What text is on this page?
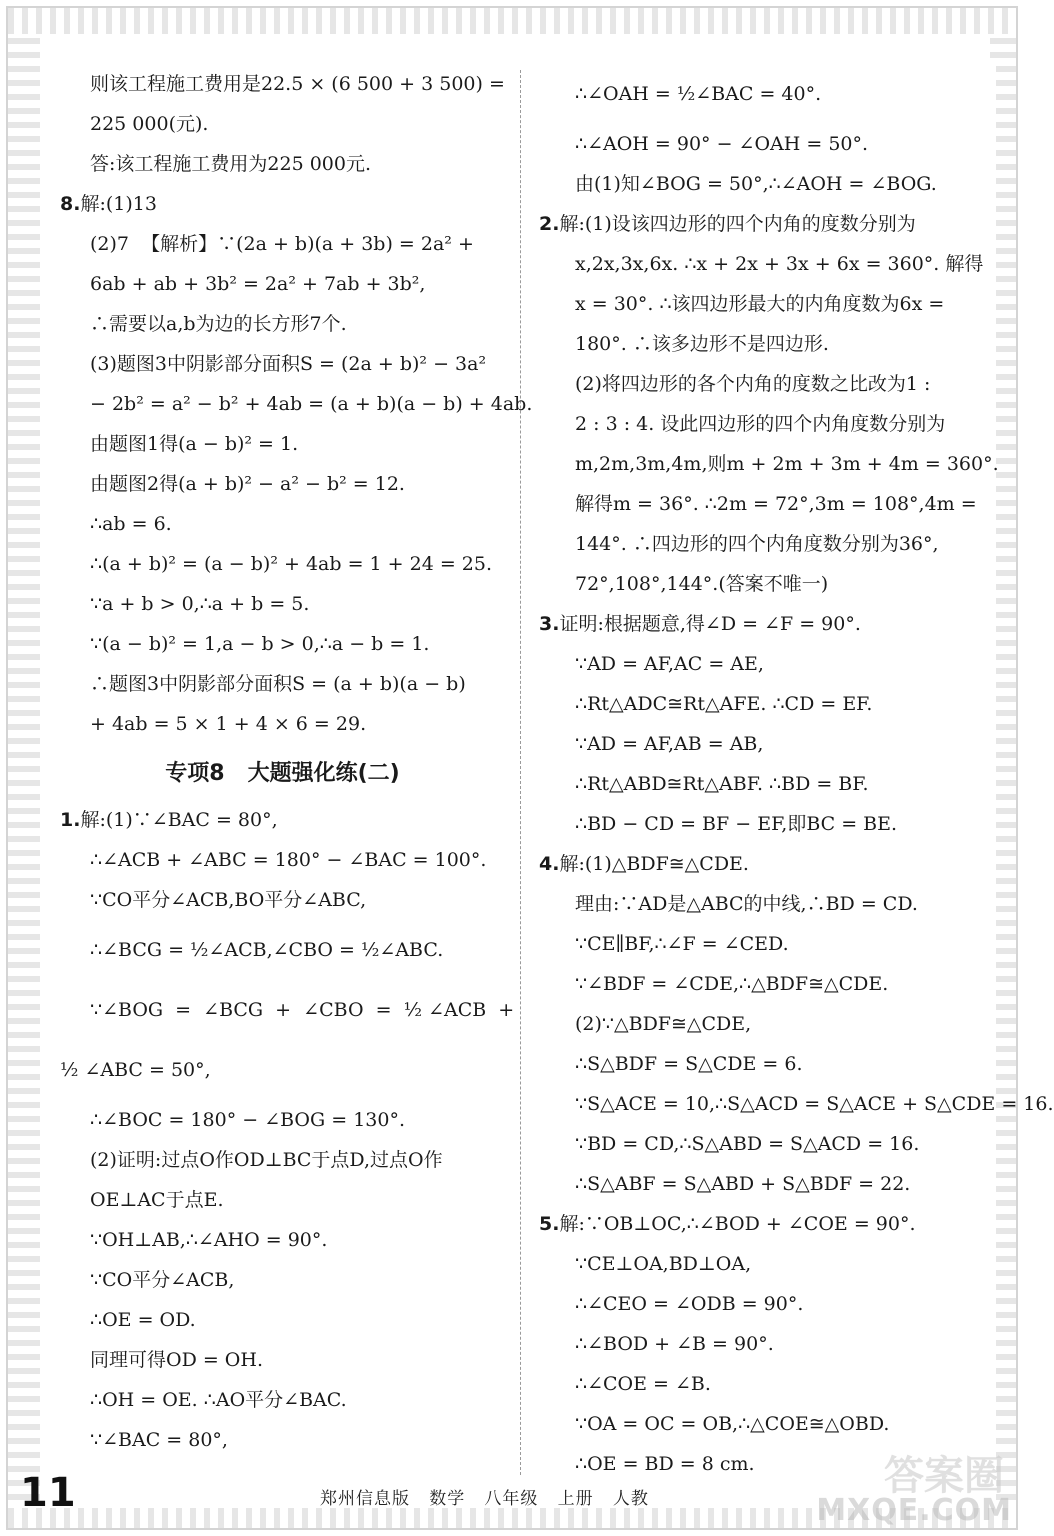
则该工程施工费用是22.5 × (6 500 + 3 500) =
225 000(元).
答:该工程施工费用为225 000元.
8.解:(1)13
(2)7  【解析】∵(2a + b)(a + 3b) = 2a² +
6ab + ab + 3b² = 2a² + 7ab + 3b²,
∴需要以a,b为边的长方形7个.
(3)题图3中阴影部分面积S = (2a + b)² − 3a²
− 2b² = a² − b² + 4ab = (a + b)(a − b) + 4ab.
由题图1得(a − b)² = 1.
由题图2得(a + b)² − a² − b² = 12.
∴ab = 6.
∴(a + b)² = (a − b)² + 4ab = 1 + 24 = 25.
∵a + b > 0,∴a + b = 5.
∵(a − b)² = 1,a − b > 0,∴a − b = 1.
∴题图3中阴影部分面积S = (a + b)(a − b)
+ 4ab = 5 × 1 + 4 × 6 = 29.
专项8   大题强化练(二)
1.解:(1)∵∠BAC = 80°,
∴∠ACB + ∠ABC = 180° − ∠BAC = 100°.
∵CO平分∠ACB,BO平分∠ABC,
∴∠BCG = ½∠ACB,∠CBO = ½∠ABC.
∵∠BOG  =  ∠BCG  +  ∠CBO  =  ½ ∠ACB  +
½ ∠ABC = 50°,
∴∠BOC = 180° − ∠BOG = 130°.
(2)证明:过点O作OD⊥BC于点D,过点O作
OE⊥AC于点E.
∵OH⊥AB,∴∠AHO = 90°.
∵CO平分∠ACB,
∴OE = OD.
同理可得OD = OH.
∴OH = OE. ∴AO平分∠BAC.
∵∠BAC = 80°,
∴∠OAH = ½∠BAC = 40°.
∴∠AOH = 90° − ∠OAH = 50°.
由(1)知∠BOG = 50°,∴∠AOH = ∠BOG.
2.解:(1)设该四边形的四个内角的度数分别为
x,2x,3x,6x. ∴x + 2x + 3x + 6x = 360°. 解得
x = 30°. ∴该四边形最大的内角度数为6x =
180°. ∴该多边形不是四边形.
(2)将四边形的各个内角的度数之比改为1 :
2 : 3 : 4. 设此四边形的四个内角度数分别为
m,2m,3m,4m,则m + 2m + 3m + 4m = 360°.
解得m = 36°. ∴2m = 72°,3m = 108°,4m =
144°. ∴四边形的四个内角度数分别为36°,
72°,108°,144°.(答案不唯一)
3.证明:根据题意,得∠D = ∠F = 90°.
∵AD = AF,AC = AE,
∴Rt△ADC≅Rt△AFE. ∴CD = EF.
∵AD = AF,AB = AB,
∴Rt△ABD≅Rt△ABF. ∴BD = BF.
∴BD − CD = BF − EF,即BC = BE.
4.解:(1)△BDF≅△CDE.
理由:∵AD是△ABC的中线,∴BD = CD.
∵CE∥BF,∴∠F = ∠CED.
∵∠BDF = ∠CDE,∴△BDF≅△CDE.
(2)∵△BDF≅△CDE,
∴S△BDF = S△CDE = 6.
∵S△ACE = 10,∴S△ACD = S△ACE + S△CDE = 16.
∵BD = CD,∴S△ABD = S△ACD = 16.
∴S△ABF = S△ABD + S△BDF = 22.
5.解:∵OB⊥OC,∴∠BOD + ∠COE = 90°.
∵CE⊥OA,BD⊥OA,
∴∠CEO = ∠ODB = 90°.
∴∠BOD + ∠B = 90°.
∴∠COE = ∠B.
∵OA = OC = OB,∴△COE≅△OBD.
∴OE = BD = 8 cm.
11	郑州信息版   数学   八年级   上册   人教	答案圈
MXQE.COM
